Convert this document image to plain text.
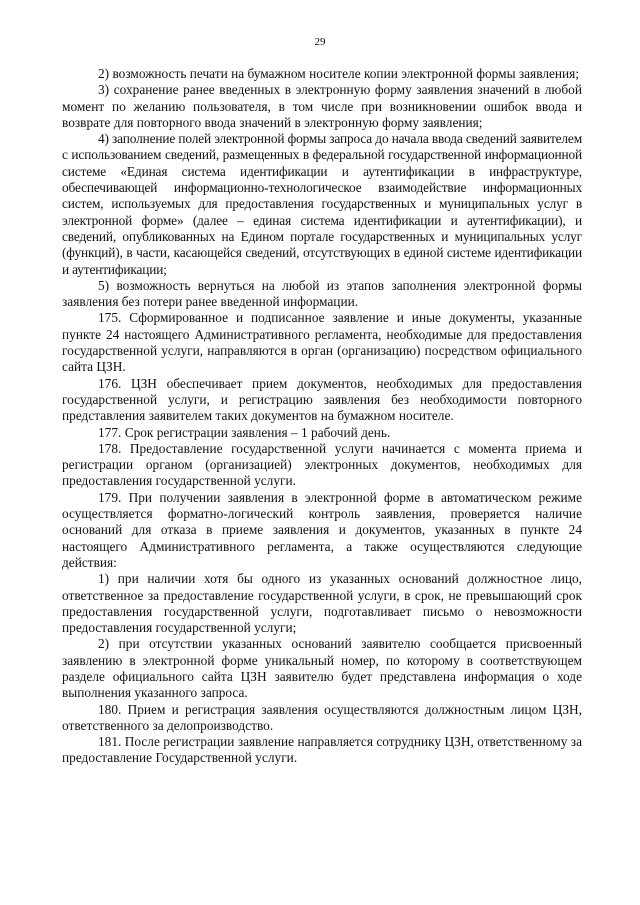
29

2) возможность печати на бумажном носителе копии электронной формы заявления;

3) сохранение ранее введенных в электронную форму заявления значений в любой момент по желанию пользователя, в том числе при возникновении ошибок ввода и возврате для повторного ввода значений в электронную форму заявления;

4) заполнение полей электронной формы запроса до начала ввода сведений заявителем с использованием сведений, размещенных в федеральной государственной информационной системе «Единая система идентификации и аутентификации в инфраструктуре, обеспечивающей информационно-технологическое взаимодействие информационных систем, используемых для предоставления государственных и муниципальных услуг в электронной форме» (далее – единая система идентификации и аутентификации), и сведений, опубликованных на Едином портале государственных и муниципальных услуг (функций), в части, касающейся сведений, отсутствующих в единой системе идентификации и аутентификации;

5) возможность вернуться на любой из этапов заполнения электронной формы заявления без потери ранее введенной информации.

175. Сформированное и подписанное заявление и иные документы, указанные пункте 24 настоящего Административного регламента, необходимые для предоставления государственной услуги, направляются в орган (организацию) посредством официального сайта ЦЗН.

176. ЦЗН обеспечивает прием документов, необходимых для предоставления государственной услуги, и регистрацию заявления без необходимости повторного представления заявителем таких документов на бумажном носителе.

177. Срок регистрации заявления – 1 рабочий день.

178. Предоставление государственной услуги начинается с момента приема и регистрации органом (организацией) электронных документов, необходимых для предоставления государственной услуги.

179. При получении заявления в электронной форме в автоматическом режиме осуществляется форматно-логический контроль заявления, проверяется наличие оснований для отказа в приеме заявления и документов, указанных в пункте 24 настоящего Административного регламента, а также осуществляются следующие действия:

1) при наличии хотя бы одного из указанных оснований должностное лицо, ответственное за предоставление государственной услуги, в срок, не превышающий срок предоставления государственной услуги, подготавливает письмо о невозможности предоставления государственной услуги;

2) при отсутствии указанных оснований заявителю сообщается присвоенный заявлению в электронной форме уникальный номер, по которому в соответствующем разделе официального сайта ЦЗН заявителю будет представлена информация о ходе выполнения указанного запроса.

180. Прием и регистрация заявления осуществляются должностным лицом ЦЗН, ответственного за делопроизводство.

181. После регистрации заявление направляется сотруднику ЦЗН, ответственному за предоставление Государственной услуги.
